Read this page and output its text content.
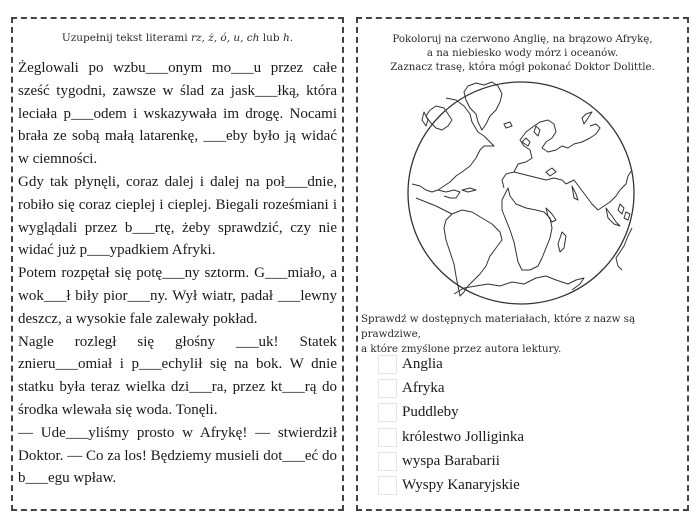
Uzupełnij tekst literami rz, ż, ó, u, ch lub h.

Żeglowali po wzbu___onym mo___u przez całe sześć tygodni, zawsze w ślad za jask___łką, która leciała p___odem i wskazywała im drogę. Nocami brała ze sobą małą latarenkę, ___eby było ją widać w ciemności.

Gdy tak płynęli, coraz dalej i dalej na poł___dnie, robiło się coraz cieplej i cieplej. Biegali roześmiani i wyglądali przez b___rtę, żeby sprawdzić, czy nie widać już p___ypadkiem Afryki.

Potem rozpętał się potę___ny sztorm. G___miało, a wok___ł biły pior___ny. Wył wiatr, padał ___lewny deszcz, a wysokie fale zalewały pokład.

Nagle rozległ się głośny ___uk! Statek znieru___omiał i p___echylił się na bok. W dnie statku była teraz wielka dzi___ra, przez kt___rą do środka wlewała się woda. Tonęli.

— Ude___yliśmy prosto w Afrykę! — stwierdził Doktor. — Co za los! Będziemy musieli dot___eć do b___egu wpław.

Pokoloruj na czerwono Anglię, na brązowo Afrykę,
a na niebiesko wody mórz i oceanów.
Zaznacz trasę, która mógł pokonać Doktor Dolittle.
Sprawdź w dostępnych materiałach, które z nazw są prawdziwe,
a które zmyślone przez autora lektury.
Anglia
Afryka
Puddleby
królestwo Jolliginka
wyspa Barabarii
Wyspy Kanaryjskie
